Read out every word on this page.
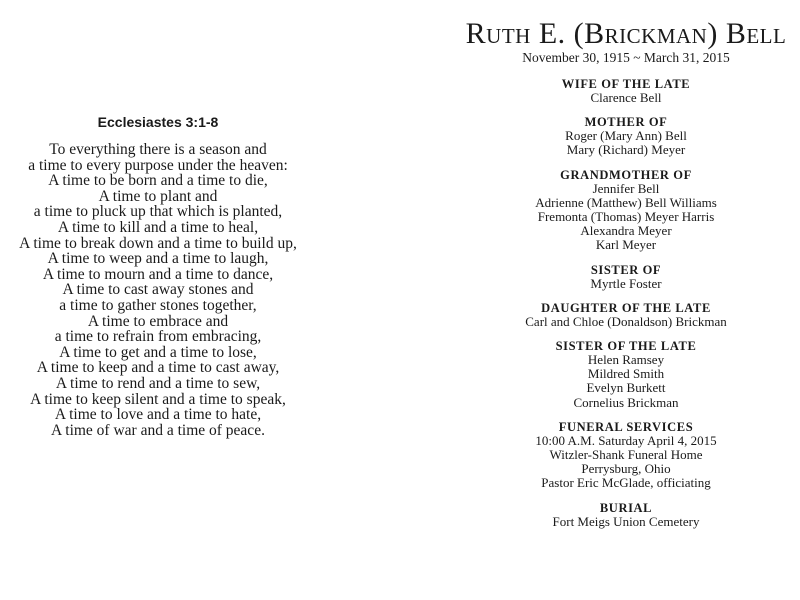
Ecclesiastes 3:1-8
To everything there is a season and
a time to every purpose under the heaven:
A time to be born and a time to die,
A time to plant and
a time to pluck up that which is planted,
A time to kill and a time to heal,
A time to break down and a time to build up,
A time to weep and a time to laugh,
A time to mourn and a time to dance,
A time to cast away stones and
a time to gather stones together,
A time to embrace and
a time to refrain from embracing,
A time to get and a time to lose,
A time to keep and a time to cast away,
A time to rend and a time to sew,
A time to keep silent and a time to speak,
A time to love and a time to hate,
A time of war and a time of peace.
Ruth E. (Brickman) Bell
November 30, 1915 ~ March 31, 2015
WIFE OF THE LATE
Clarence Bell
MOTHER OF
Roger (Mary Ann) Bell
Mary (Richard) Meyer
GRANDMOTHER OF
Jennifer Bell
Adrienne (Matthew) Bell Williams
Fremonta (Thomas) Meyer Harris
Alexandra Meyer
Karl Meyer
SISTER OF
Myrtle Foster
DAUGHTER OF THE LATE
Carl and Chloe (Donaldson) Brickman
SISTER OF THE LATE
Helen Ramsey
Mildred Smith
Evelyn Burkett
Cornelius Brickman
FUNERAL SERVICES
10:00 A.M. Saturday April 4, 2015
Witzler-Shank Funeral Home
Perrysburg, Ohio
Pastor Eric McGlade, officiating
BURIAL
Fort Meigs Union Cemetery
